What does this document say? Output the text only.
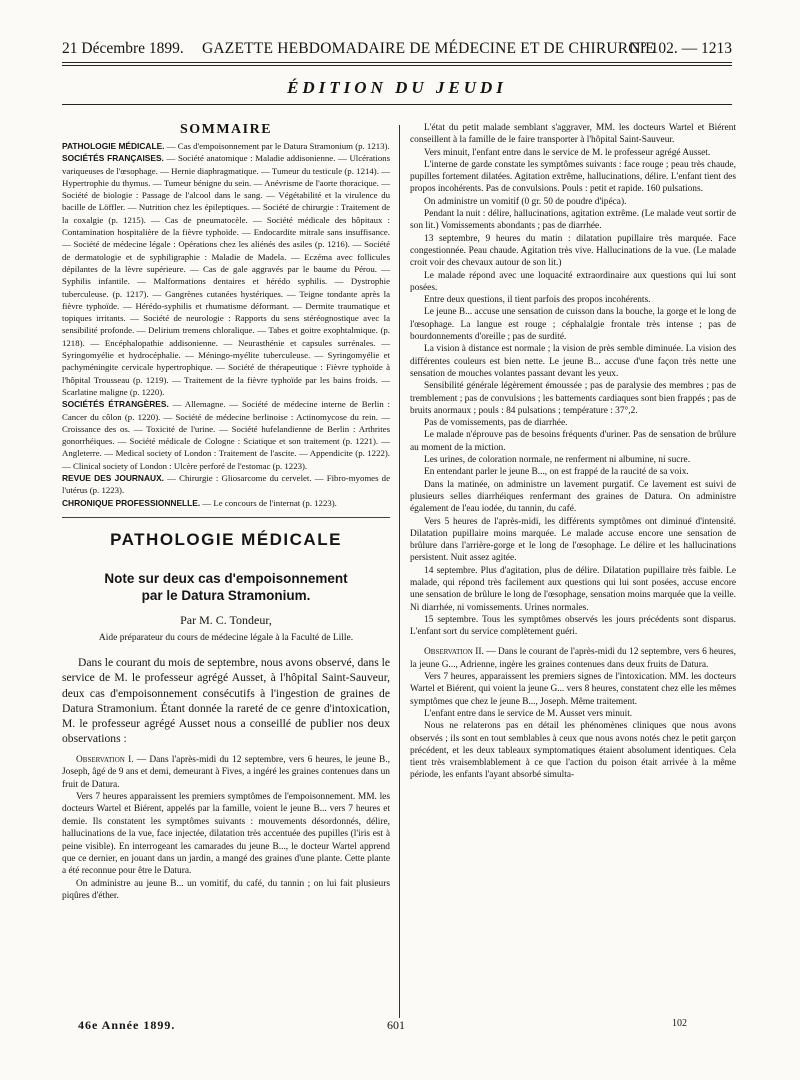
21 Décembre 1899. GAZETTE HEBDOMADAIRE DE MÉDECINE ET DE CHIRURGIE
N° 102. — 1213
ÉDITION DU JEUDI
SOMMAIRE

PATHOLOGIE MÉDICALE. — Cas d'empoisonnement par le Datura Stramonium (p. 1213).

SOCIÉTÉS FRANÇAISES. — Société anatomique : Maladie addisonienne. — Ulcérations variqueuses de l'œsophage. — Hernie diaphragmatique. — Tumeur du testicule (p. 1214). — Hypertrophie du thymus. — Tumeur bénigne du sein. — Anévrisme de l'aorte thoracique. — Société de biologie : Passage de l'alcool dans le sang. — Végétabilité et la virulence du bacille de Löffler. — Nutrition chez les épileptiques. — Société de chirurgie : Traitement de la coxalgie (p. 1215). — Cas de pneumatocèle. — Société médicale des hôpitaux : Contamination hospitalière de la fièvre typhoïde. — Endocardite mitrale sans insuffisance. — Société de médecine légale : Opérations chez les aliénés des asiles (p. 1216). — Société de dermatologie et de syphiligraphie : Maladie de Madela. — Eczéma avec follicules dépilantes de la lèvre supérieure. — Cas de gale aggravés par le baume du Pérou. — Syphilis infantile. — Malformations dentaires et hérédo syphilis. — Dystrophie tuberculeuse. (p. 1217). — Gangrènes cutanées hystériques. — Teigne tondante après la fièvre typhoïde. — Hérédo-syphilis et rhumatisme déformant. — Dermite traumatique et topiques irritants. — Société de neurologie : Rapports du sens stéréognostique avec la sensibilité profonde. — Delirium tremens chloralique. — Tabes et goitre exophtalmique. (p. 1218). — Encéphalopathie addisonienne. — Neurasthénie et capsules surrénales. — Syringomyélie et hydrocéphalie. — Méningo-myélite tuberculeuse. — Syringomyélie et pachyméningite cervicale hypertrophique. — Société de thérapeutique : Fièvre typhoïde à l'hôpital Trousseau (p. 1219). — Traitement de la fièvre typhoïde par les bains froids. — Scarlatine maligne (p. 1220).

SOCIÉTÉS ÉTRANGÈRES. — Allemagne. — Société de médecine interne de Berlin : Cancer du côlon (p. 1220). — Société de médecine berlinoise : Actinomycose du rein. — Croissance des os. — Toxicité de l'urine. — Société hufelandienne de Berlin : Arthrites gonorrhéiques. — Société médicale de Cologne : Sciatique et son traitement (p. 1221). — Angleterre. — Medical society of London : Traitement de l'ascite. — Appendicite (p. 1222). — Clinical society of London : Ulcère perforé de l'estomac (p. 1223).

REVUE DES JOURNAUX. — Chirurgie : Gliosarcome du cervelet. — Fibro-myomes de l'utérus (p. 1223).

CHRONIQUE PROFESSIONNELLE. — Le concours de l'internat (p. 1223).

PATHOLOGIE MÉDICALE
Note sur deux cas d'empoisonnement
par le Datura Stramonium.
Par M. C. Tondeur,
Aide préparateur du cours de médecine légale à la Faculté de Lille.

Dans le courant du mois de septembre, nous avons observé, dans le service de M. le professeur agrégé Ausset, à l'hôpital Saint-Sauveur, deux cas d'empoisonnement consécutifs à l'ingestion de graines de Datura Stramonium. Étant donnée la rareté de ce genre d'intoxication, M. le professeur agrégé Ausset nous a conseillé de publier nos deux observations :

Observation I. — Dans l'après-midi du 12 septembre, vers 6 heures, le jeune B., Joseph, âgé de 9 ans et demi, demeurant à Fives, a ingéré les graines contenues dans un fruit de Datura.

Vers 7 heures apparaissent les premiers symptômes de l'empoisonnement. MM. les docteurs Wartel et Biérent, appelés par la famille, voient le jeune B... vers 7 heures et demie. Ils constatent les symptômes suivants : mouvements désordonnés, délire, hallucinations de la vue, face injectée, dilatation très accentuée des pupilles (l'iris est à peine visible). En interrogeant les camarades du jeune B..., le docteur Wartel apprend que ce dernier, en jouant dans un jardin, a mangé des graines d'une plante. Cette plante a été reconnue pour être le Datura.

On administre au jeune B... un vomitif, du café, du tannin ; on lui fait plusieurs piqûres d'éther.

L'état du petit malade semblant s'aggraver, MM. les docteurs Wartel et Biérent conseillent à la famille de le faire transporter à l'hôpital Saint-Sauveur.

Vers minuit, l'enfant entre dans le service de M. le professeur agrégé Ausset.

L'interne de garde constate les symptômes suivants : face rouge ; peau très chaude, pupilles fortement dilatées. Agitation extrême, hallucinations, délire. L'enfant tient des propos incohérents. Pas de convulsions. Pouls : petit et rapide. 160 pulsations.

On administre un vomitif (0 gr. 50 de poudre d'ipéca).

Pendant la nuit : délire, hallucinations, agitation extrême. (Le malade veut sortir de son lit.) Vomissements abondants ; pas de diarrhée.

13 septembre, 9 heures du matin : dilatation pupillaire très marquée. Face congestionnée. Peau chaude. Agitation très vive. Hallucinations de la vue. (Le malade croit voir des chevaux autour de son lit.)

Le malade répond avec une loquacité extraordinaire aux questions qui lui sont posées.

Entre deux questions, il tient parfois des propos incohérents.

Le jeune B... accuse une sensation de cuisson dans la bouche, la gorge et le long de l'œsophage. La langue est rouge ; céphalalgie frontale très intense ; pas de bourdonnements d'oreille ; pas de surdité.

La vision à distance est normale ; la vision de près semble diminuée. La vision des différentes couleurs est bien nette. Le jeune B... accuse d'une façon très nette une sensation de mouches volantes passant devant les yeux.

Sensibilité générale légèrement émoussée ; pas de paralysie des membres ; pas de tremblement ; pas de convulsions ; les battements cardiaques sont bien frappés ; pas de bruits anormaux ; pouls : 84 pulsations ; température : 37°,2.

Pas de vomissements, pas de diarrhée.

Le malade n'éprouve pas de besoins fréquents d'uriner. Pas de sensation de brûlure au moment de la miction.

Les urines, de coloration normale, ne renferment ni albumine, ni sucre.

En entendant parler le jeune B..., on est frappé de la raucité de sa voix.

Dans la matinée, on administre un lavement purgatif. Ce lavement est suivi de plusieurs selles diarrhéiques renfermant des graines de Datura. On administre également de l'eau iodée, du tannin, du café.

Vers 5 heures de l'après-midi, les différents symptômes ont diminué d'intensité. Dilatation pupillaire moins marquée. Le malade accuse encore une sensation de brûlure dans l'arrière-gorge et le long de l'œsophage. Le délire et les hallucinations persistent. Nuit assez agitée.

14 septembre. Plus d'agitation, plus de délire. Dilatation pupillaire très faible. Le malade, qui répond très facilement aux questions qui lui sont posées, accuse encore une sensation de brûlure le long de l'œsophage, sensation moins marquée que la veille. Ni diarrhée, ni vomissements. Urines normales.

15 septembre. Tous les symptômes observés les jours précédents sont disparus. L'enfant sort du service complètement guéri.

Observation II. — Dans le courant de l'après-midi du 12 septembre, vers 6 heures, la jeune G..., Adrienne, ingère les graines contenues dans deux fruits de Datura.

Vers 7 heures, apparaissent les premiers signes de l'intoxication. MM. les docteurs Wartel et Biérent, qui voient la jeune G... vers 8 heures, constatent chez elle les mêmes symptômes que chez le jeune B..., Joseph. Même traitement.

L'enfant entre dans le service de M. Ausset vers minuit.

Nous ne relaterons pas en détail les phénomènes cliniques que nous avons observés ; ils sont en tout semblables à ceux que nous avons notés chez le petit garçon précédent, et les deux tableaux symptomatiques étaient absolument identiques. Cela tient très vraisemblablement à ce que l'action du poison était arrivée à la même période, les enfants l'ayant absorbé simulta-

46e Année 1899.	601	102
